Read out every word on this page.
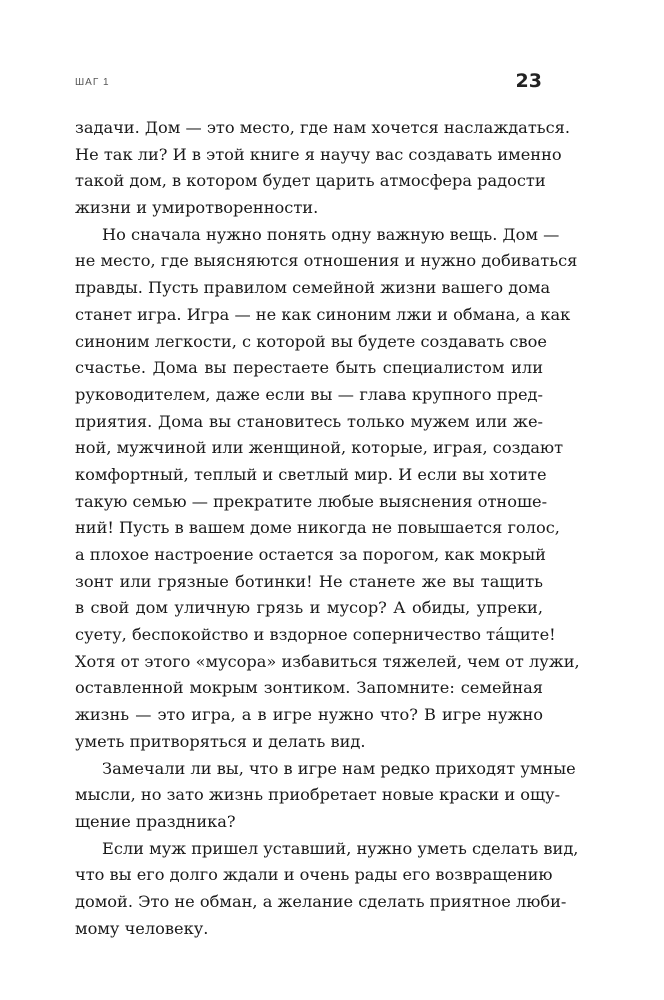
ШАГ 1	23
задачи. Дом — это место, где нам хочется наслаждаться.
Не так ли? И в этой книге я научу вас создавать именно
такой дом, в котором будет царить атмосфера радости
жизни и умиротворенности.
Но сначала нужно понять одну важную вещь. Дом —
не место, где выясняются отношения и нужно добиваться
правды. Пусть правилом семейной жизни вашего дома
станет игра. Игра — не как синоним лжи и обмана, а как
синоним легкости, с которой вы будете создавать свое
счастье. Дома вы перестаете быть специалистом или
руководителем, даже если вы — глава крупного пред-
приятия. Дома вы становитесь только мужем или же-
ной, мужчиной или женщиной, которые, играя, создают
комфортный, теплый и светлый мир. И если вы хотите
такую семью — прекратите любые выяснения отноше-
ний! Пусть в вашем доме никогда не повышается голос,
а плохое настроение остается за порогом, как мокрый
зонт или грязные ботинки! Не станете же вы тащить
в свой дом уличную грязь и мусор? А обиды, упреки,
суету, беспокойство и вздорное соперничество та́щите!
Хотя от этого «мусора» избавиться тяжелей, чем от лужи,
оставленной мокрым зонтиком. Запомните: семейная
жизнь — это игра, а в игре нужно что? В игре нужно
уметь притворяться и делать вид.
Замечали ли вы, что в игре нам редко приходят умные
мысли, но зато жизнь приобретает новые краски и ощу-
щение праздника?
Если муж пришел уставший, нужно уметь сделать вид,
что вы его долго ждали и очень рады его возвращению
домой. Это не обман, а желание сделать приятное люби-
мому человеку.
